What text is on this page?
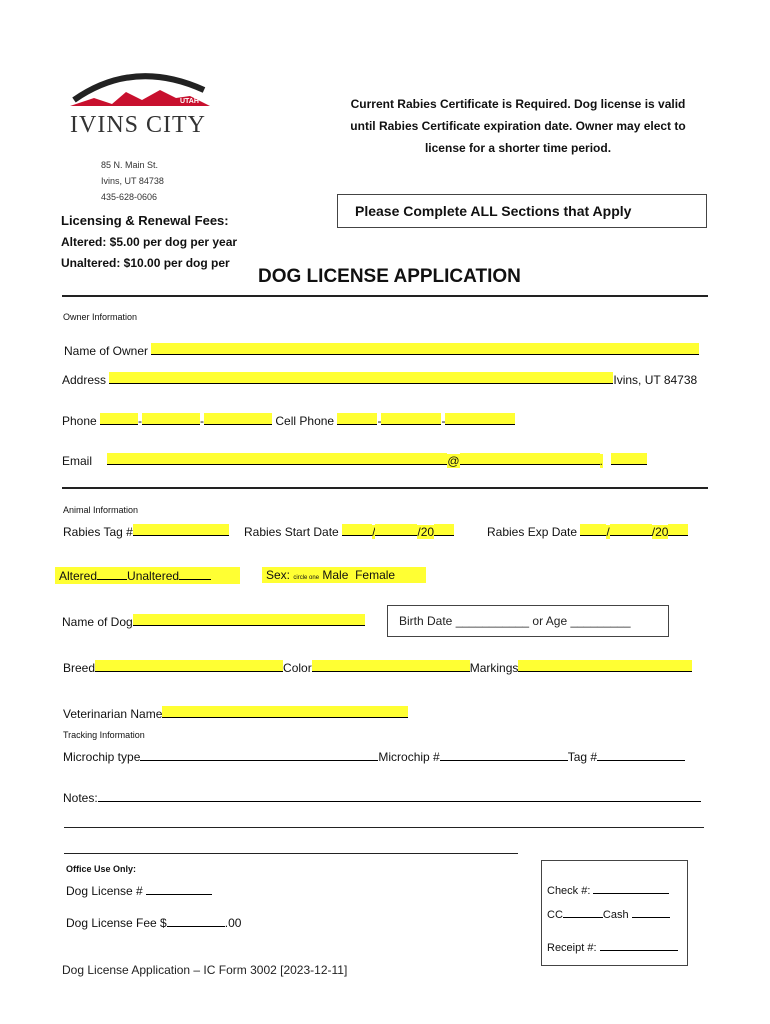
UTAH
IVINS CITY
85 N. Main St.
Ivins, UT 84738
435-628-0606
Current Rabies Certificate is Required. Dog license is valid until Rabies Certificate expiration date. Owner may elect to license for a shorter time period.
Please Complete ALL Sections that Apply
Licensing & Renewal Fees:
Altered: $5.00 per dog per year
Unaltered: $10.00 per dog per
DOG LICENSE APPLICATION
Owner Information
Name of Owner
Address	Ivins, UT 84738
Phone	-	-	Cell Phone	-	-
Email	@	.
Animal Information
Rabies Tag #	Rabies Start Date	/	/20	Rabies Exp Date /	/20
Altered	Unaltered	Sex: circle one Male Female
Name of Dog	Birth Date ___________ or Age _________
Breed	Color	Markings
Veterinarian Name
Tracking Information
Microchip type	Microchip #	Tag #
Notes:
Office Use Only:
Dog License #
Dog License Fee $	.00
Check #:
CC	Cash
Receipt #:
Dog License Application – IC Form 3002 [2023-12-11]
